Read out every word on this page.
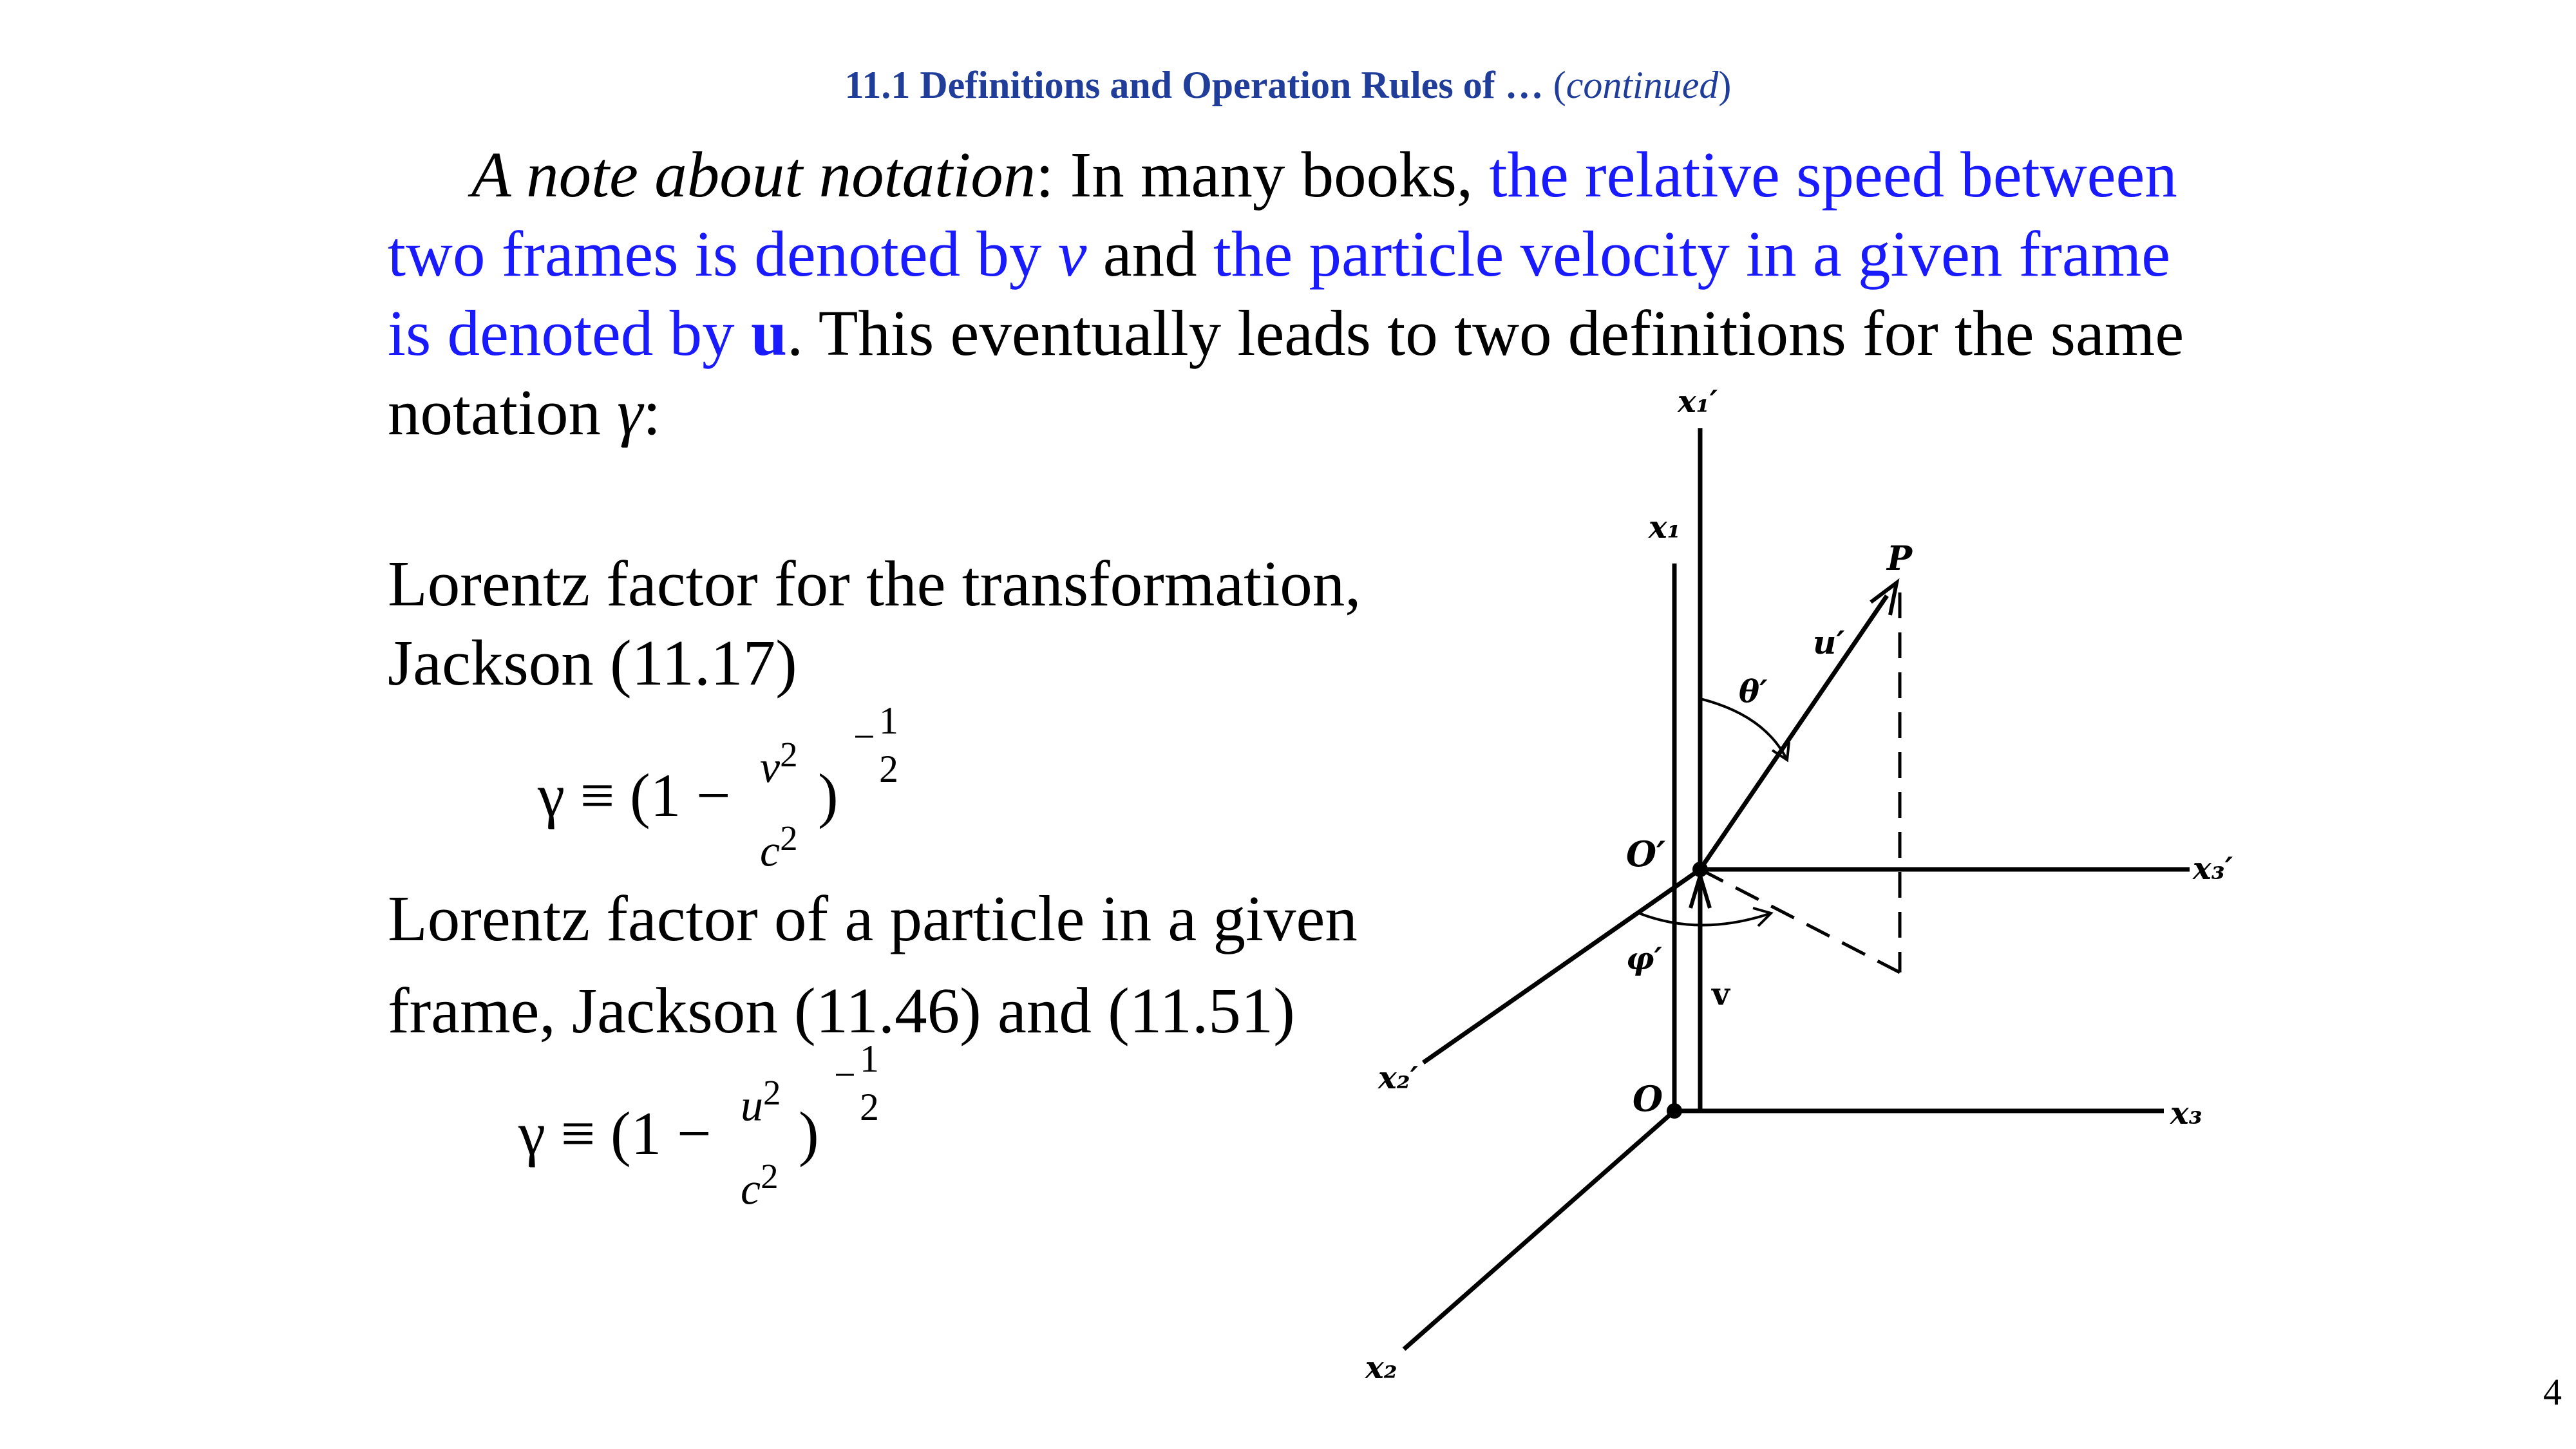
11.1 Definitions and Operation Rules of … (continued)
A note about notation: In many books, the relative speed between two frames is denoted by v and the particle velocity in a given frame is denoted by u. This eventually leads to two definitions for the same notation γ:
Lorentz factor for the transformation,
Jackson (11.17)
$\gamma \equiv (1 - v^2$
$c^2$
)
− 1
2
Lorentz factor of a particle in a given
frame, Jackson (11.46) and (11.51)
$\gamma \equiv (1 - u^2$
$c^2$
)
− 1
2
x₁′
x₁
P
u′
θ′
O′	x₃′
φ′
v
x₂′	O	x₃
x₂
4
